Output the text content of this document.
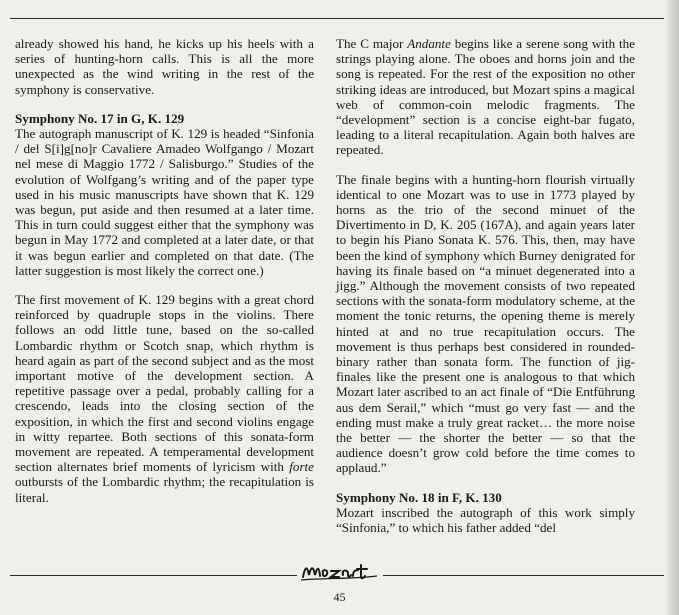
already showed his hand, he kicks up his heels with a series of hunting-horn calls. This is all the more unexpected as the wind writing in the rest of the symphony is conservative.

Symphony No. 17 in G, K. 129

The autograph manuscript of K. 129 is headed “Sinfonia / del S[i]g[no]r Cavaliere Amadeo Wolfgango / Mozart nel mese di Maggio 1772 / Salisburgo.” Studies of the evolution of Wolfgang’s writing and of the paper type used in his music manuscripts have shown that K. 129 was begun, put aside and then resumed at a later time. This in turn could suggest either that the symphony was begun in May 1772 and completed at a later date, or that it was begun earlier and completed on that date. (The latter suggestion is most likely the correct one.)

The first movement of K. 129 begins with a great chord reinforced by quadruple stops in the violins. There follows an odd little tune, based on the so-called Lombardic rhythm or Scotch snap, which rhythm is heard again as part of the second subject and as the most important motive of the development section. A repetitive passage over a pedal, probably calling for a crescendo, leads into the closing section of the exposition, in which the first and second violins engage in witty repartee. Both sections of this sonata-form movement are repeated. A temperamental development section alternates brief moments of lyricism with forte outbursts of the Lombardic rhythm; the recapitulation is literal.

The C major Andante begins like a serene song with the strings playing alone. The oboes and horns join and the song is repeated. For the rest of the exposition no other striking ideas are introduced, but Mozart spins a magical web of common-coin melodic fragments. The “development” section is a concise eight-bar fugato, leading to a literal recapitulation. Again both halves are repeated.

The finale begins with a hunting-horn flourish virtually identical to one Mozart was to use in 1773 played by horns as the trio of the second minuet of the Divertimento in D, K. 205 (167A), and again years later to begin his Piano Sonata K. 576. This, then, may have been the kind of symphony which Burney denigrated for having its finale based on “a minuet degenerated into a jigg.” Although the movement consists of two repeated sections with the sonata-form modulatory scheme, at the moment the tonic returns, the opening theme is merely hinted at and no true recapitulation occurs. The movement is thus perhaps best considered in rounded-binary rather than sonata form. The function of jig-finales like the present one is analogous to that which Mozart later ascribed to an act finale of “Die Entführung aus dem Serail,” which “must go very fast — and the ending must make a truly great racket… the more noise the better — the shorter the better — so that the audience doesn’t grow cold before the time comes to applaud.”

Symphony No. 18 in F, K. 130

Mozart inscribed the autograph of this work simply “Sinfonia,” to which his father added “del

45
